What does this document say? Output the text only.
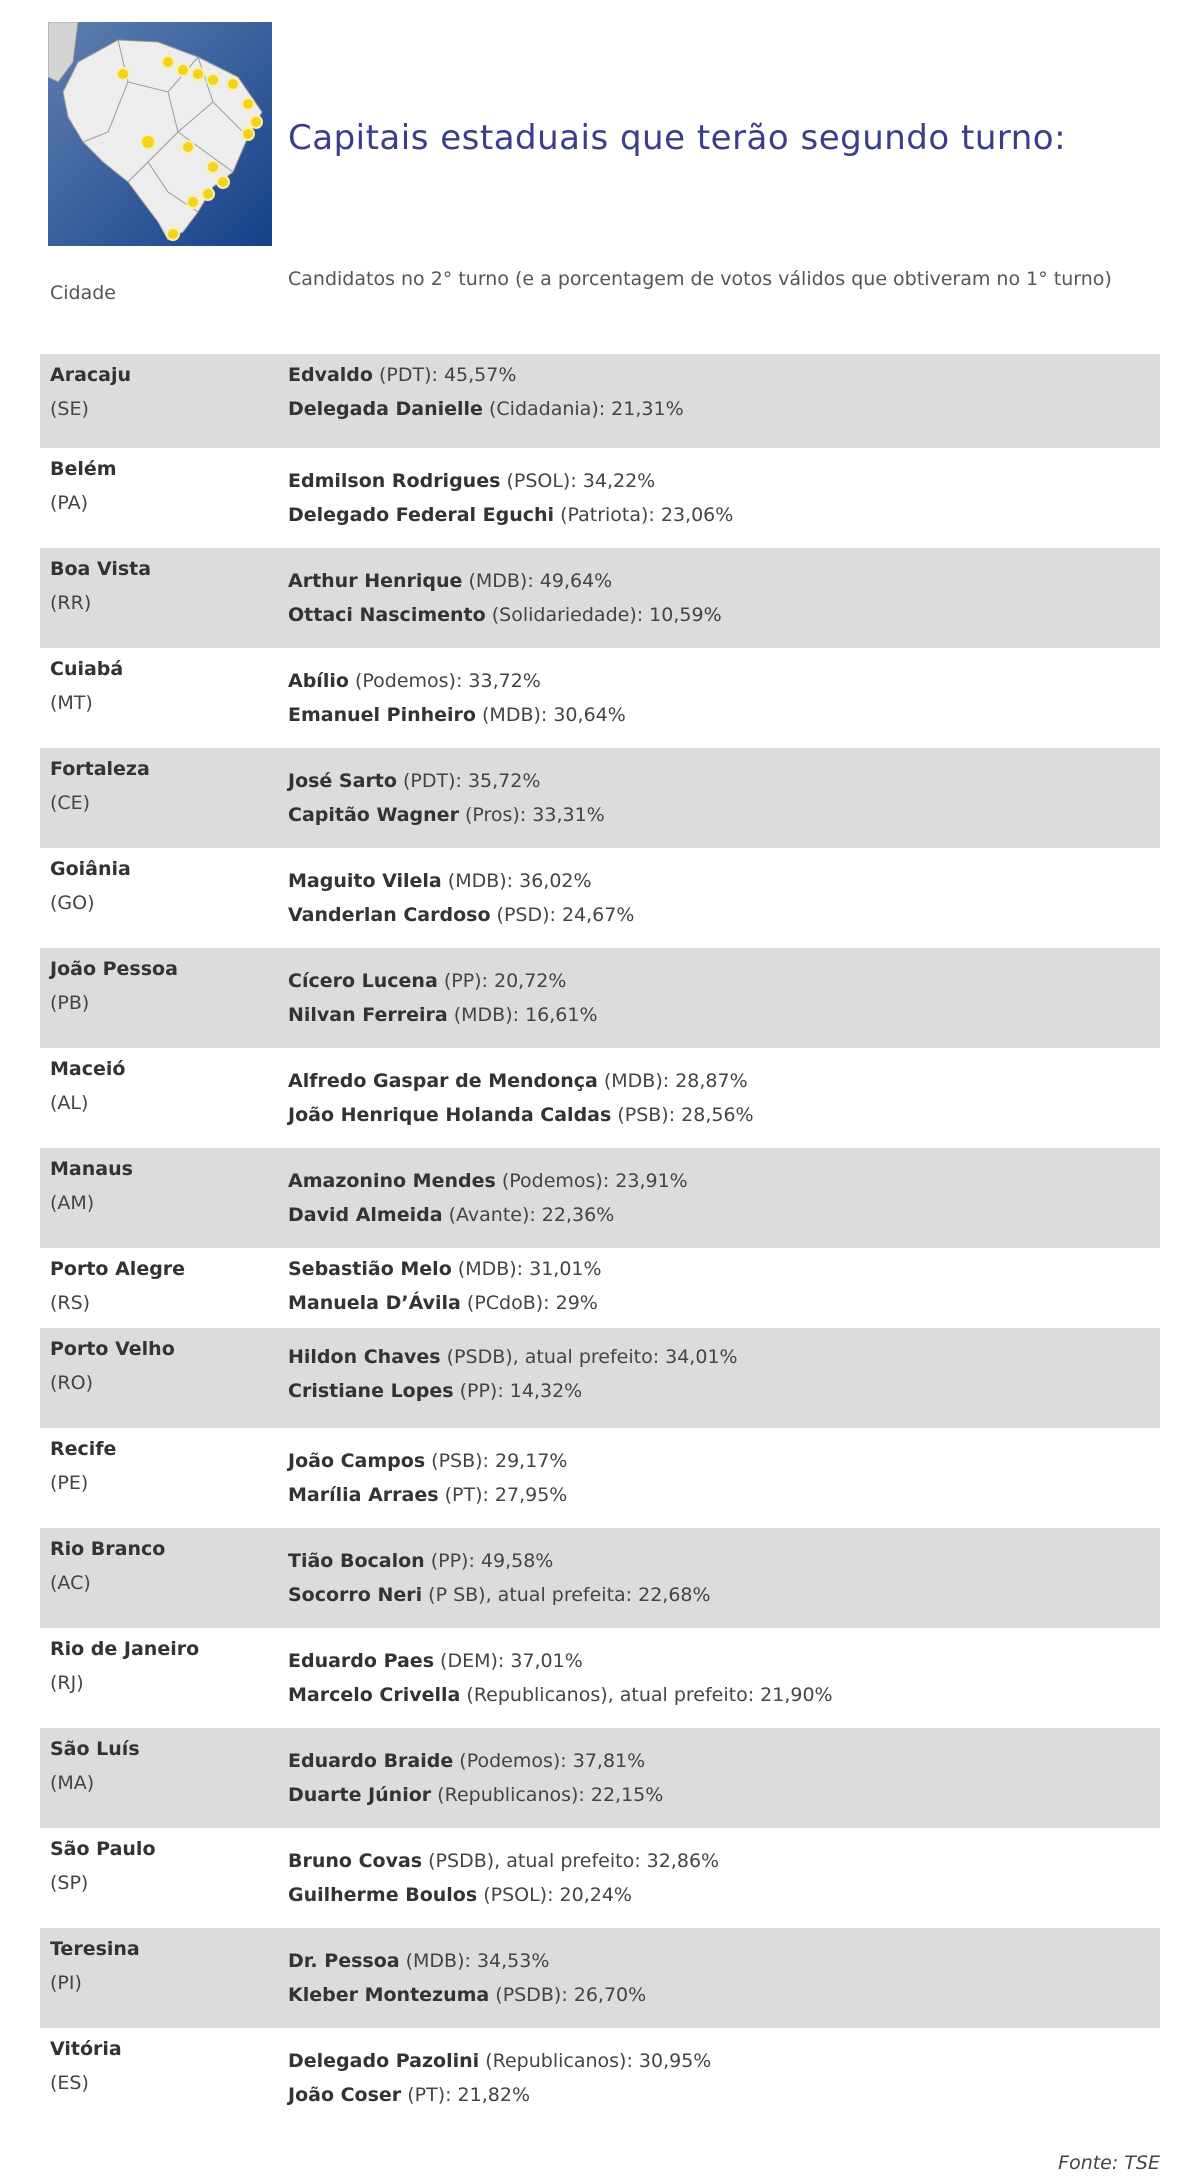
Capitais estaduais que terão segundo turno:
Cidade
Candidatos no 2° turno (e a porcentagem de votos válidos que obtiveram no 1° turno)
Aracaju
(SE)
Edvaldo (PDT): 45,57%
Delegada Danielle (Cidadania): 21,31%
Belém
(PA)
Edmilson Rodrigues (PSOL): 34,22%
Delegado Federal Eguchi (Patriota): 23,06%
Boa Vista
(RR)
Arthur Henrique (MDB): 49,64%
Ottaci Nascimento (Solidariedade): 10,59%
Cuiabá
(MT)
Abílio (Podemos): 33,72%
Emanuel Pinheiro (MDB): 30,64%
Fortaleza
(CE)
José Sarto (PDT): 35,72%
Capitão Wagner (Pros): 33,31%
Goiânia
(GO)
Maguito Vilela (MDB): 36,02%
Vanderlan Cardoso (PSD): 24,67%
João Pessoa
(PB)
Cícero Lucena (PP): 20,72%
Nilvan Ferreira (MDB): 16,61%
Maceió
(AL)
Alfredo Gaspar de Mendonça (MDB): 28,87%
João Henrique Holanda Caldas (PSB): 28,56%
Manaus
(AM)
Amazonino Mendes (Podemos): 23,91%
David Almeida (Avante): 22,36%
Porto Alegre
(RS)
Sebastião Melo (MDB): 31,01%
Manuela D’Ávila (PCdoB): 29%
Porto Velho
(RO)
Hildon Chaves (PSDB), atual prefeito: 34,01%
Cristiane Lopes (PP): 14,32%
Recife
(PE)
João Campos (PSB): 29,17%
Marília Arraes (PT): 27,95%
Rio Branco
(AC)
Tião Bocalon (PP): 49,58%
Socorro Neri (P SB), atual prefeita: 22,68%
Rio de Janeiro
(RJ)
Eduardo Paes (DEM): 37,01%
Marcelo Crivella (Republicanos), atual prefeito: 21,90%
São Luís
(MA)
Eduardo Braide (Podemos): 37,81%
Duarte Júnior (Republicanos): 22,15%
São Paulo
(SP)
Bruno Covas (PSDB), atual prefeito: 32,86%
Guilherme Boulos (PSOL): 20,24%
Teresina
(PI)
Dr. Pessoa (MDB): 34,53%
Kleber Montezuma (PSDB): 26,70%
Vitória
(ES)
Delegado Pazolini (Republicanos): 30,95%
João Coser (PT): 21,82%
Fonte: TSE
